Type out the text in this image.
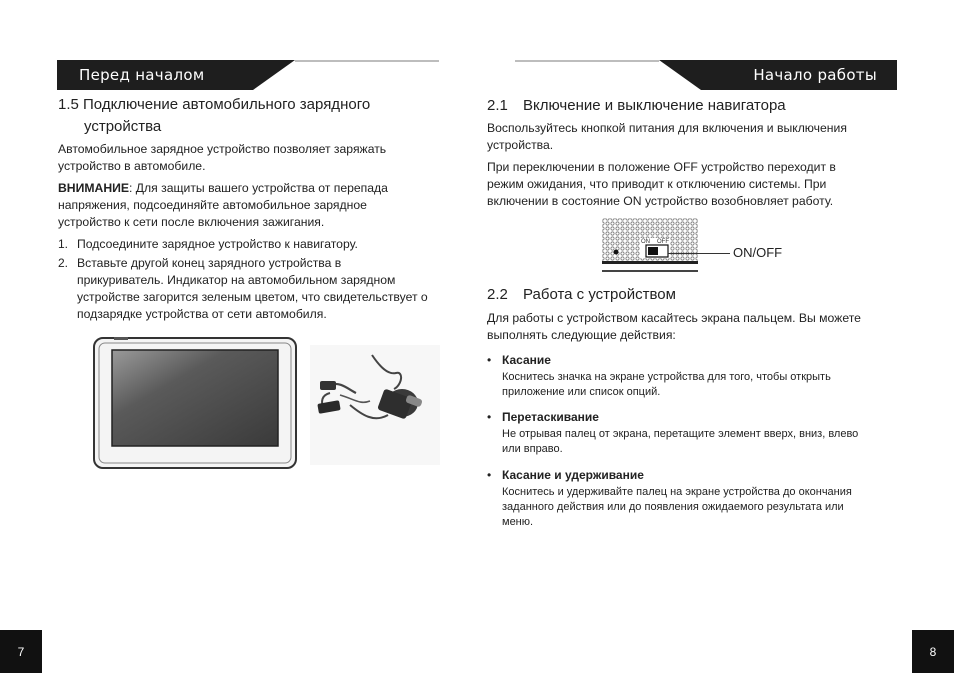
Перед началом	Начало работы
1.5 Подключение автомобильного зарядного
устройства
Автомобильное зарядное устройство позволяет заряжать
устройство в автомобиле.
ВНИМАНИЕ: Для защиты вашего устройства от перепада
напряжения, подсоединяйте автомобильное зарядное
устройство к сети после включения зажигания.
1. Подсоедините зарядное устройство к навигатору.
2. Вставьте другой конец зарядного устройства в
прикуриватель. Индикатор на автомобильном зарядном
устройстве загорится зеленым цветом, что свидетельствует о
подзарядке устройства от сети автомобиля.
2.1 Включение и выключение навигатора
Воспользуйтесь кнопкой питания для включения и выключения
устройства.
При переключении в положение OFF устройство переходит в
режим ожидания, что приводит к отключению системы. При
включении в состояние ON устройство возобновляет работу.
ON OFF
ON/OFF
2.2 Работа с устройством
Для работы с устройством касайтесь экрана пальцем. Вы можете
выполнять следующие действия:
• Касание
Коснитесь значка на экране устройства для того, чтобы открыть
приложение или список опций.
• Перетаскивание
Не отрывая палец от экрана, перетащите элемент вверх, вниз, влево
или вправо.
• Касание и удерживание
Коснитесь и удерживайте палец на экране устройства до окончания
заданного действия или до появления ожидаемого результата или
меню.
7	8
